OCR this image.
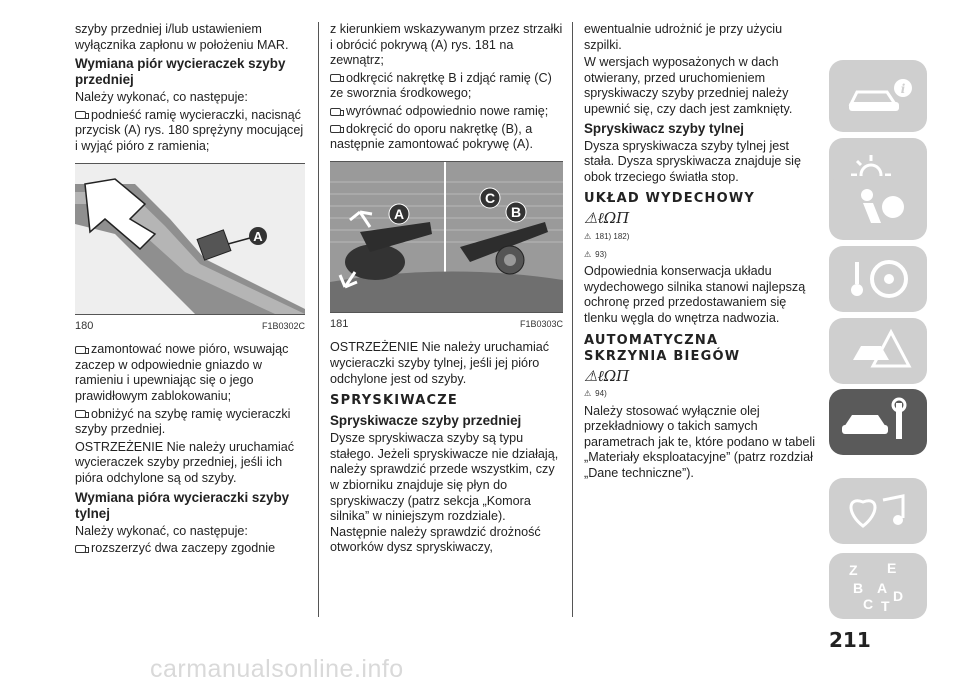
szyby przedniej i/lub ustawieniem wyłącznika zapłonu w położeniu MAR.

Wymiana piór wycieraczek szyby przedniej

Należy wykonać, co następuje:

podnieść ramię wycieraczki, nacisnąć przycisk (A) rys. 180 sprężyny mocującej i wyjąć pióro z ramienia;

A
180	F1B0302C

zamontować nowe pióro, wsuwając zaczep w odpowiednie gniazdo w ramieniu i upewniając się o jego prawidłowym zablokowaniu;

obniżyć na szybę ramię wycieraczki szyby przedniej.

OSTRZEŻENIE Nie należy uruchamiać wycieraczek szyby przedniej, jeśli ich pióra odchylone są od szyby.

Wymiana pióra wycieraczki szyby tylnej

Należy wykonać, co następuje:

rozszerzyć dwa zaczepy zgodnie

z kierunkiem wskazywanym przez strzałki i obrócić pokrywą (A) rys. 181 na zewnątrz;

odkręcić nakrętkę B i zdjąć ramię (C) ze sworznia środkowego;

wyrównać odpowiednio nowe ramię;

dokręcić do oporu nakrętkę (B), a następnie zamontować pokrywę (A).

A
C
B
181	F1B0303C

OSTRZEŻENIE Nie należy uruchamiać wycieraczki szyby tylnej, jeśli jej pióro odchylone jest od szyby.

SPRYSKIWACZE
Spryskiwacze szyby przedniej

Dysze spryskiwacza szyby są typu stałego. Jeżeli spryskiwacze nie działają, należy sprawdzić przede wszystkim, czy w zbiorniku znajduje się płyn do spryskiwaczy (patrz sekcja „Komora silnika” w niniejszym rozdziale). Następnie należy sprawdzić drożność otworków dysz spryskiwaczy,

ewentualnie udrożnić je przy użyciu szpilki.

W wersjach wyposażonych w dach otwierany, przed uruchomieniem spryskiwaczy szyby przedniej należy upewnić się, czy dach jest zamknięty.

Spryskiwacz szyby tylnej

Dysza spryskiwacza szyby tylnej jest stała. Dysza spryskiwacza znajduje się obok trzeciego światła stop.

UKŁAD WYDECHOWY
⚠︎ℓΩΠ
⚠ 181) 182)
⚠ 93)

Odpowiednia konserwacja układu wydechowego silnika stanowi najlepszą ochronę przed przedostawaniem się tlenku węgla do wnętrza nadwozia.

AUTOMATYCZNA
SKRZYNIA BIEGÓW
⚠︎ℓΩΠ
⚠ 94)

Należy stosować wyłącznie olej przekładniowy o takich samych parametrach jak te, które podano w tabeli „Materiały eksploatacyjne” (patrz rozdział „Dane techniczne”).

i
Z E
B A D
C T
211
carmanualsonline.info
